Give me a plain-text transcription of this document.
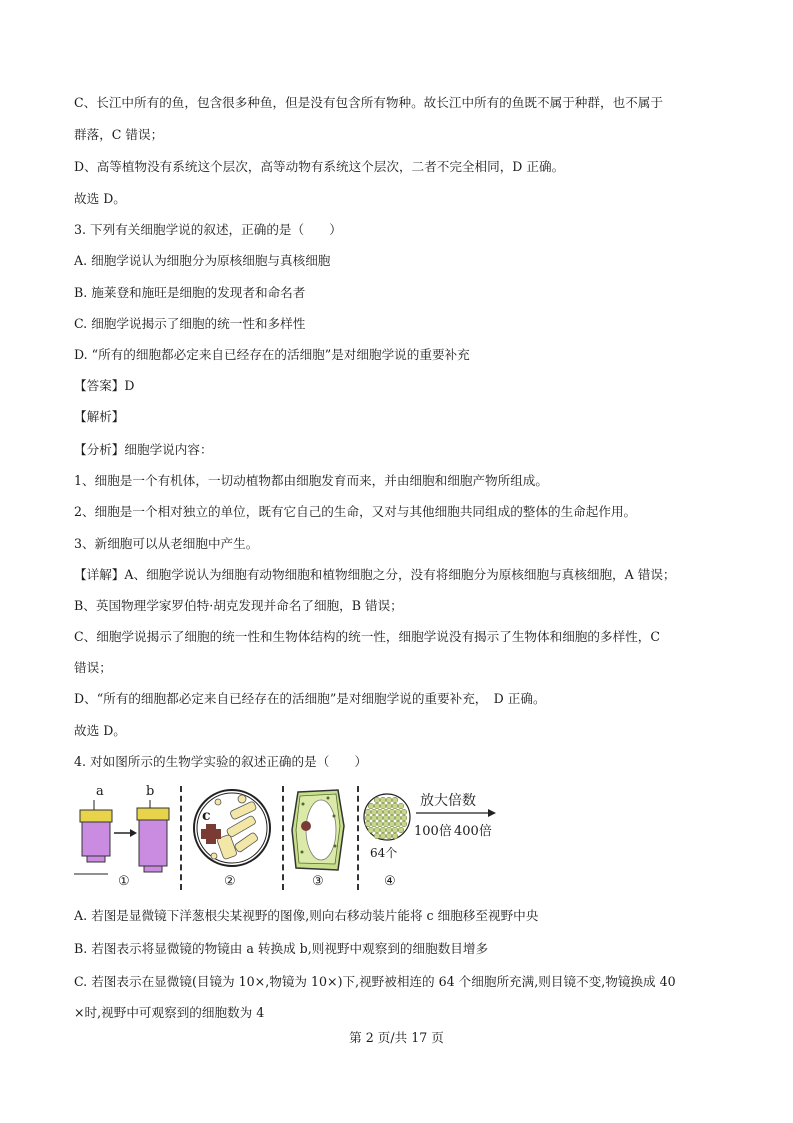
C、长江中所有的鱼，包含很多种鱼，但是没有包含所有物种。故长江中所有的鱼既不属于种群，也不属于
群落，C 错误；
D、高等植物没有系统这个层次，高等动物有系统这个层次，二者不完全相同，D 正确。
故选 D。
3. 下列有关细胞学说的叙述，正确的是（　　）
A. 细胞学说认为细胞分为原核细胞与真核细胞
B. 施莱登和施旺是细胞的发现者和命名者
C. 细胞学说揭示了细胞的统一性和多样性
D. “所有的细胞都必定来自已经存在的活细胞”是对细胞学说的重要补充
【答案】D
【解析】
【分析】细胞学说内容：
1、细胞是一个有机体，一切动植物都由细胞发育而来，并由细胞和细胞产物所组成。
2、细胞是一个相对独立的单位，既有它自己的生命，又对与其他细胞共同组成的整体的生命起作用。
3、新细胞可以从老细胞中产生。
【详解】A、细胞学说认为细胞有动物细胞和植物细胞之分，没有将细胞分为原核细胞与真核细胞，A 错误；
B、英国物理学家罗伯特·胡克发现并命名了细胞，B 错误；
C、细胞学说揭示了细胞的统一性和生物体结构的统一性，细胞学说没有揭示了生物体和细胞的多样性，C
错误；
D、“所有的细胞都必定来自已经存在的活细胞”是对细胞学说的重要补充，　D 正确。
故选 D。
4. 对如图所示的生物学实验的叙述正确的是（　　）
a	b
①
c
②	③
64个
放大倍数
100倍 400倍
④
A. 若图是显微镜下洋葱根尖某视野的图像,则向右移动装片能将 c 细胞移至视野中央
B. 若图表示将显微镜的物镜由 a 转换成 b,则视野中观察到的细胞数目增多
C. 若图表示在显微镜(目镜为 10×,物镜为 10×)下,视野被相连的 64 个细胞所充满,则目镜不变,物镜换成 40
×时,视野中可观察到的细胞数为 4
第 2 页/共 17 页
